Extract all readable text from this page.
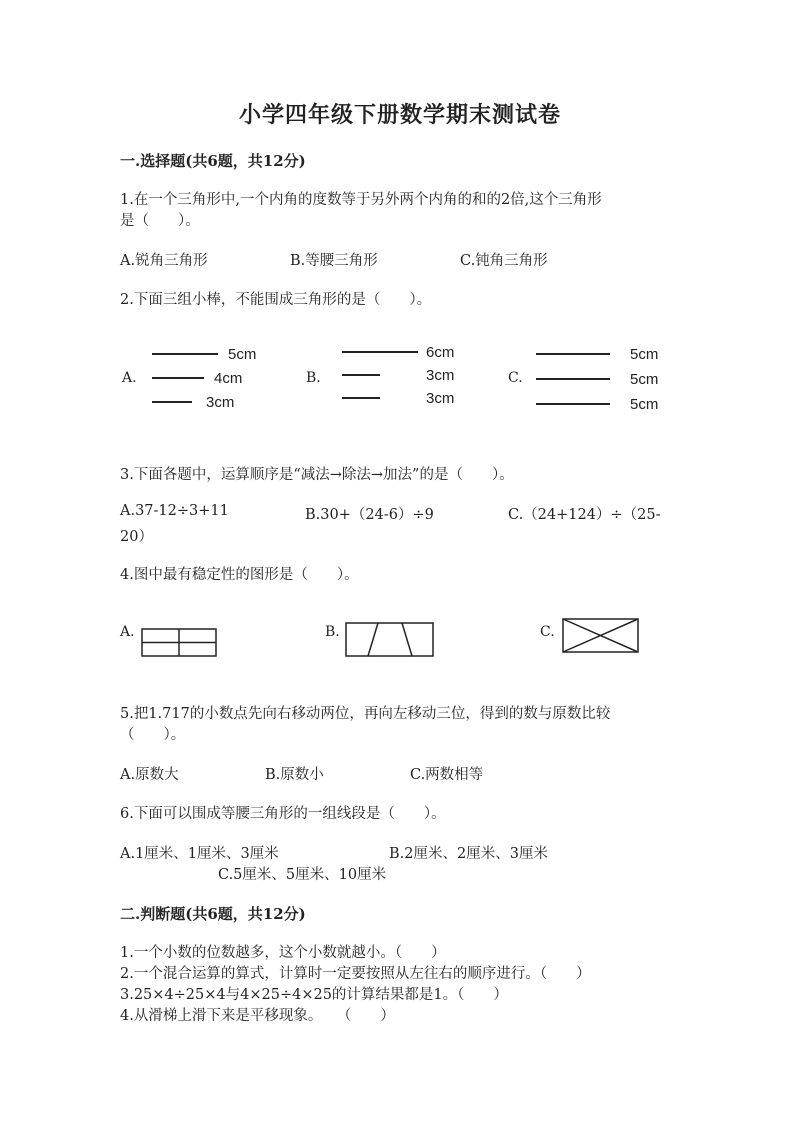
小学四年级下册数学期末测试卷
一.选择题(共6题，共12分)
1.在一个三角形中,一个内角的度数等于另外两个内角的和的2倍,这个三角形
是（　　）。
A.锐角三角形	B.等腰三角形	C.钝角三角形
2.下面三组小棒，不能围成三角形的是（　　）。
A.	B.	C.
5cm
4cm
3cm
6cm
3cm
3cm
5cm
5cm
5cm
3.下面各题中，运算顺序是“减法→除法→加法”的是（　　）。
A.37-12÷3+11	B.30+（24-6）÷9	C.（24+124）÷（25-
20）
4.图中最有稳定性的图形是（　　）。
A.	B.	C.
5.把1.717的小数点先向右移动两位，再向左移动三位，得到的数与原数比较
（　　）。
A.原数大	B.原数小	C.两数相等
6.下面可以围成等腰三角形的一组线段是（　　）。
A.1厘米、1厘米、3厘米	B.2厘米、2厘米、3厘米
C.5厘米、5厘米、10厘米
二.判断题(共6题，共12分)
1.一个小数的位数越多，这个小数就越小。（　　）
2.一个混合运算的算式，计算时一定要按照从左往右的顺序进行。（　　）
3.25×4÷25×4与4×25÷4×25的计算结果都是1。（　　）
4.从滑梯上滑下来是平移现象。　　（　　）
